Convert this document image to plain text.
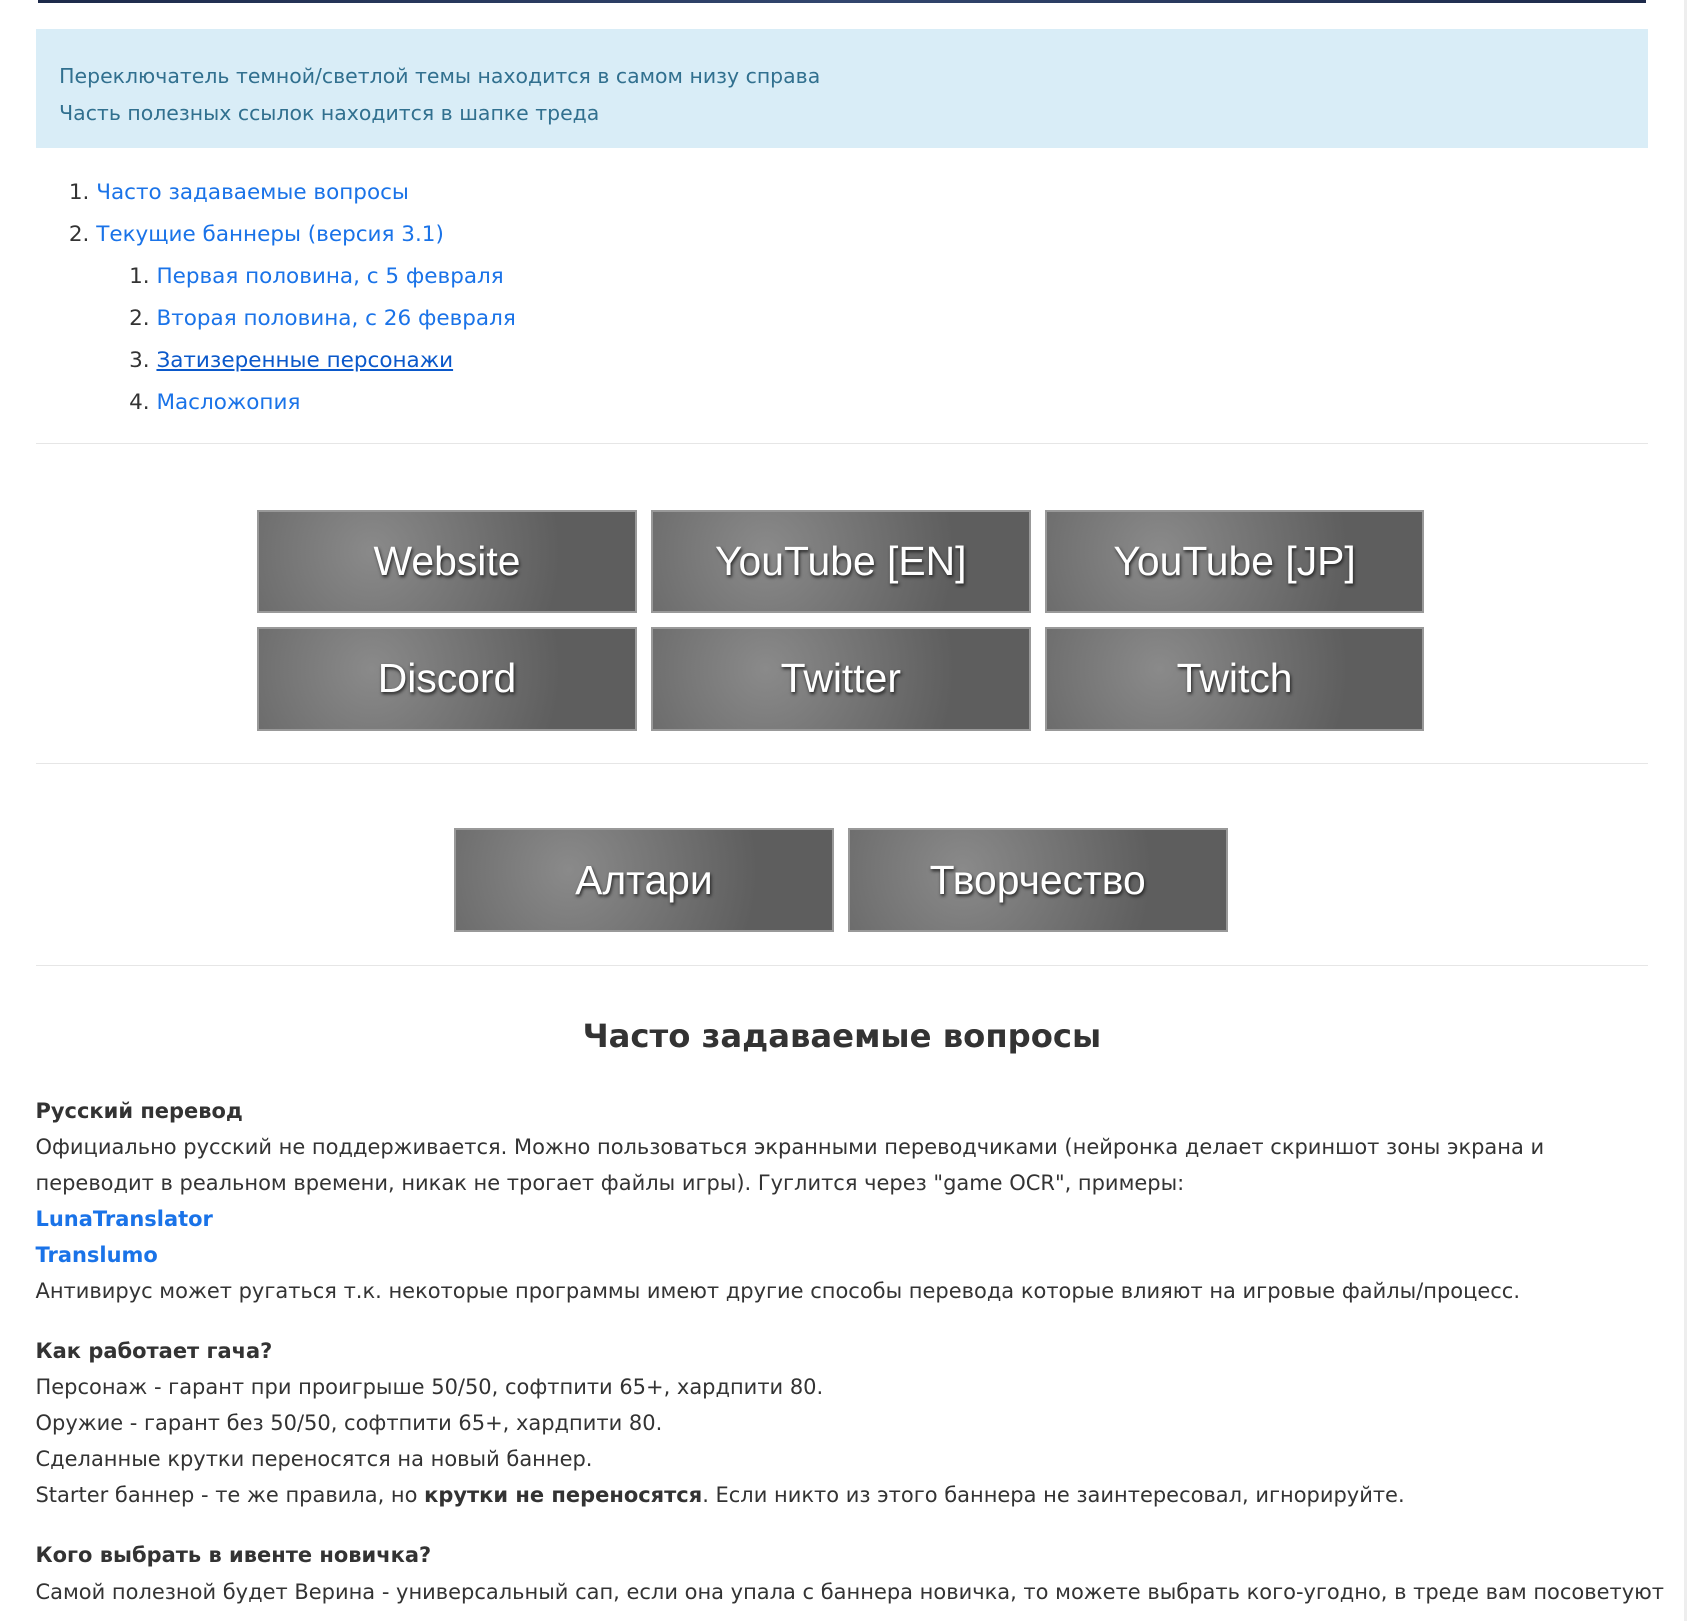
Переключатель темной/светлой темы находится в самом низу справа
Часть полезных ссылок находится в шапке треда
1. Часто задаваемые вопросы
2. Текущие баннеры (версия 3.1)
1. Первая половина, с 5 февраля
2. Вторая половина, с 26 февраля
3. Затизеренные персонажи
4. Масложопия
Website	YouTube [EN]	YouTube [JP]
Discord	Twitter	Twitch
Алтари	Творчество
Часто задаваемые вопросы
Русский перевод
Официально русский не поддерживается. Можно пользоваться экранными переводчиками (нейронка делает скриншот зоны экрана и переводит в реальном времени, никак не трогает файлы игры). Гуглится через "game OCR", примеры:
LunaTranslator
Translumo
Антивирус может ругаться т.к. некоторые программы имеют другие способы перевода которые влияют на игровые файлы/процесс.
Как работает гача?
Персонаж - гарант при проигрыше 50/50, софтпити 65+, хардпити 80.
Оружие - гарант без 50/50, софтпити 65+, хардпити 80.
Сделанные крутки переносятся на новый баннер.
Starter баннер - те же правила, но крутки не переносятся. Если никто из этого баннера не заинтересовал, игнорируйте.
Кого выбрать в ивенте новичка?
Самой полезной будет Верина - универсальный сап, если она упала с баннера новичка, то можете выбрать кого-угодно, в треде вам посоветуют
